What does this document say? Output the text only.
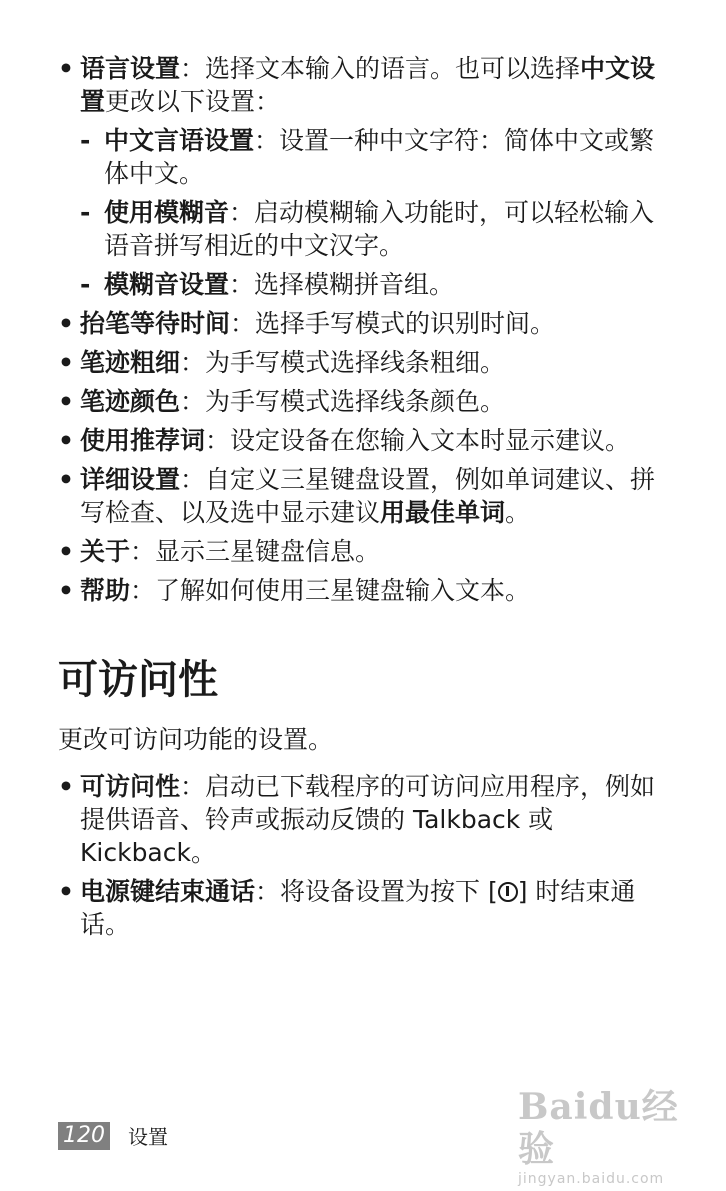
• 语言设置：选择文本输入的语言。也可以选择中文设置更改以下设置：
- 中文言语设置：设置一种中文字符：简体中文或繁体中文。
- 使用模糊音：启动模糊输入功能时，可以轻松输入语音拼写相近的中文汉字。
- 模糊音设置：选择模糊拼音组。
• 抬笔等待时间：选择手写模式的识别时间。
• 笔迹粗细：为手写模式选择线条粗细。
• 笔迹颜色：为手写模式选择线条颜色。
• 使用推荐词：设定设备在您输入文本时显示建议。
• 详细设置：自定义三星键盘设置，例如单词建议、拼写检查、以及选中显示建议用最佳单词。
• 关于：显示三星键盘信息。
• 帮助：了解如何使用三星键盘输入文本。
可访问性

更改可访问功能的设置。

• 可访问性：启动已下载程序的可访问应用程序，例如提供语音、铃声或振动反馈的 Talkback 或 Kickback。
• 电源键结束通话：将设备设置为按下 [ ] 时结束通话。
120 设置
Baidu经验
jingyan.baidu.com
